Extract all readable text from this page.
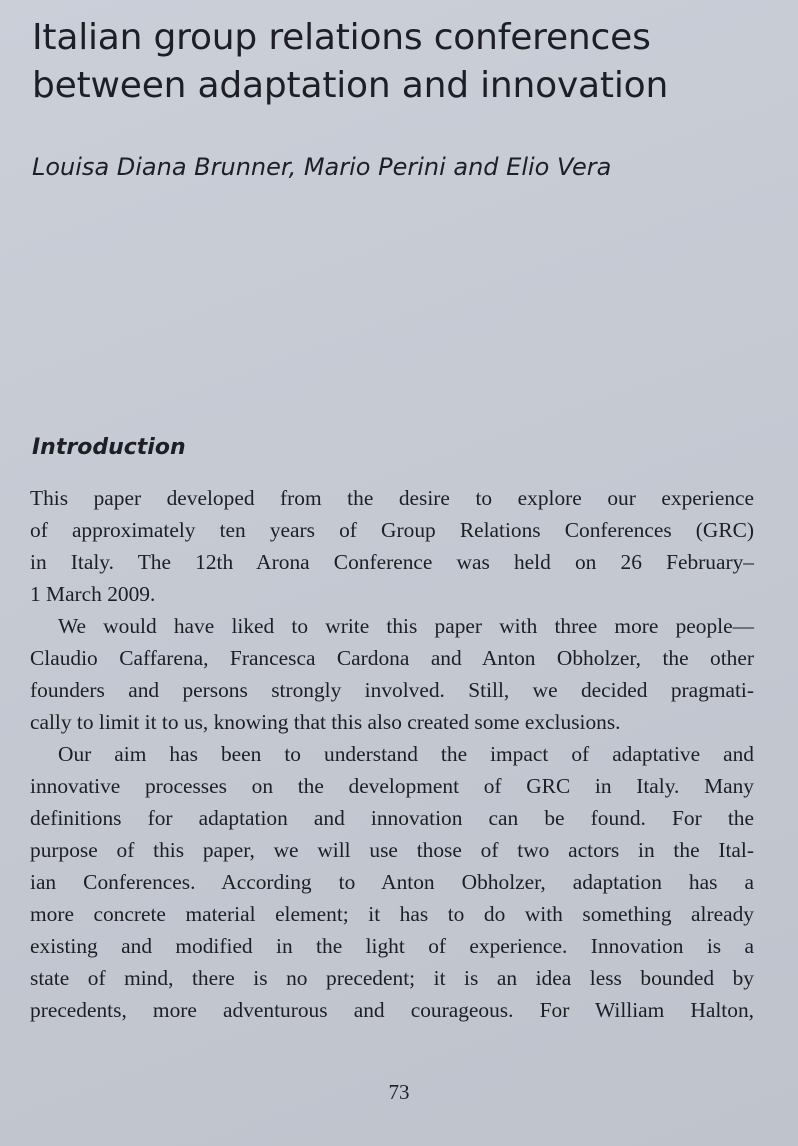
Italian group relations conferences
between adaptation and innovation

Louisa Diana Brunner, Mario Perini and Elio Vera

Introduction
This paper developed from the desire to explore our experience
of approximately ten years of Group Relations Conferences (GRC)
in Italy. The 12th Arona Conference was held on 26 February–
1 March 2009.
We would have liked to write this paper with three more people—
Claudio Caffarena, Francesca Cardona and Anton Obholzer, the other
founders and persons strongly involved. Still, we decided pragmati-
cally to limit it to us, knowing that this also created some exclusions.
Our aim has been to understand the impact of adaptative and
innovative processes on the development of GRC in Italy. Many
definitions for adaptation and innovation can be found. For the
purpose of this paper, we will use those of two actors in the Ital-
ian Conferences. According to Anton Obholzer, adaptation has a
more concrete material element; it has to do with something already
existing and modified in the light of experience. Innovation is a
state of mind, there is no precedent; it is an idea less bounded by
precedents, more adventurous and courageous. For William Halton,
73
